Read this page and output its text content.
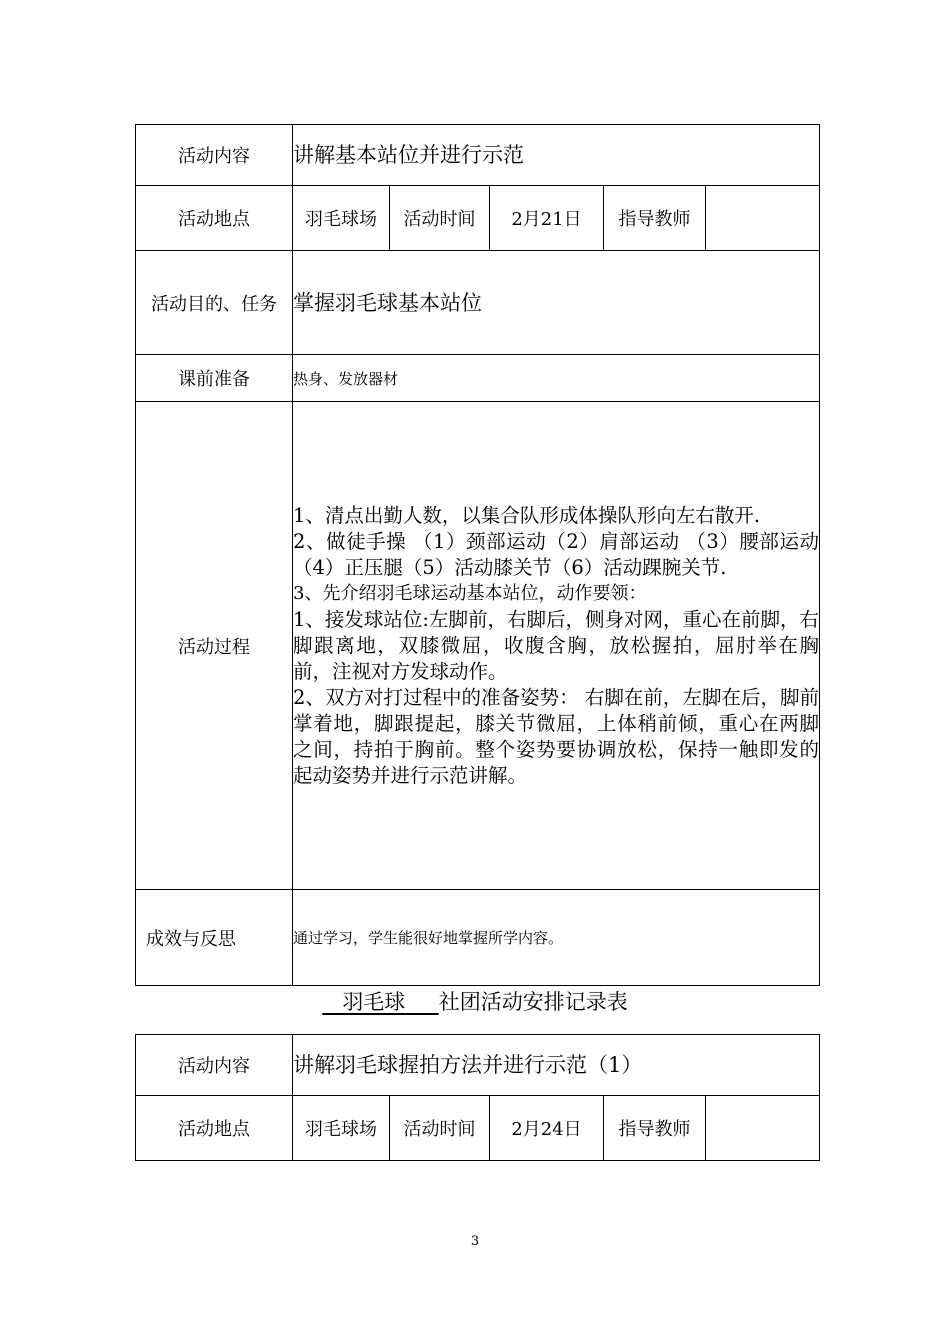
活动内容	讲解基本站位并进行示范				
活动地点	羽毛球场	活动时间	2月21日	指导教师	
活动目的、任务	掌握羽毛球基本站位				
课前准备	热身、发放器材				
活动过程	1、清点出勤人数，以集合队形成体操队形向左右散开.

2、做徒手操 （1）颈部运动（2）肩部运动 （3）腰部运动（4）正压腿（5）活动膝关节（6）活动踝腕关节.

3、先介绍羽毛球运动基本站位，动作要领：

1、接发球站位:左脚前，右脚后，侧身对网，重心在前脚，右脚跟离地，双膝微屈，收腹含胸，放松握拍，屈肘举在胸前，注视对方发球动作。

2、双方对打过程中的准备姿势： 右脚在前，左脚在后，脚前掌着地，脚跟提起，膝关节微屈，上体稍前倾，重心在两脚之间，持拍于胸前。整个姿势要协调放松，保持一触即发的起动姿势并进行示范讲解。				

成效与反思	通过学习，学生能很好地掌握所学内容。				
羽毛球 社团活动安排记录表
活动内容	讲解羽毛球握拍方法并进行示范（1）				
活动地点	羽毛球场	活动时间	2月24日	指导教师	
3
